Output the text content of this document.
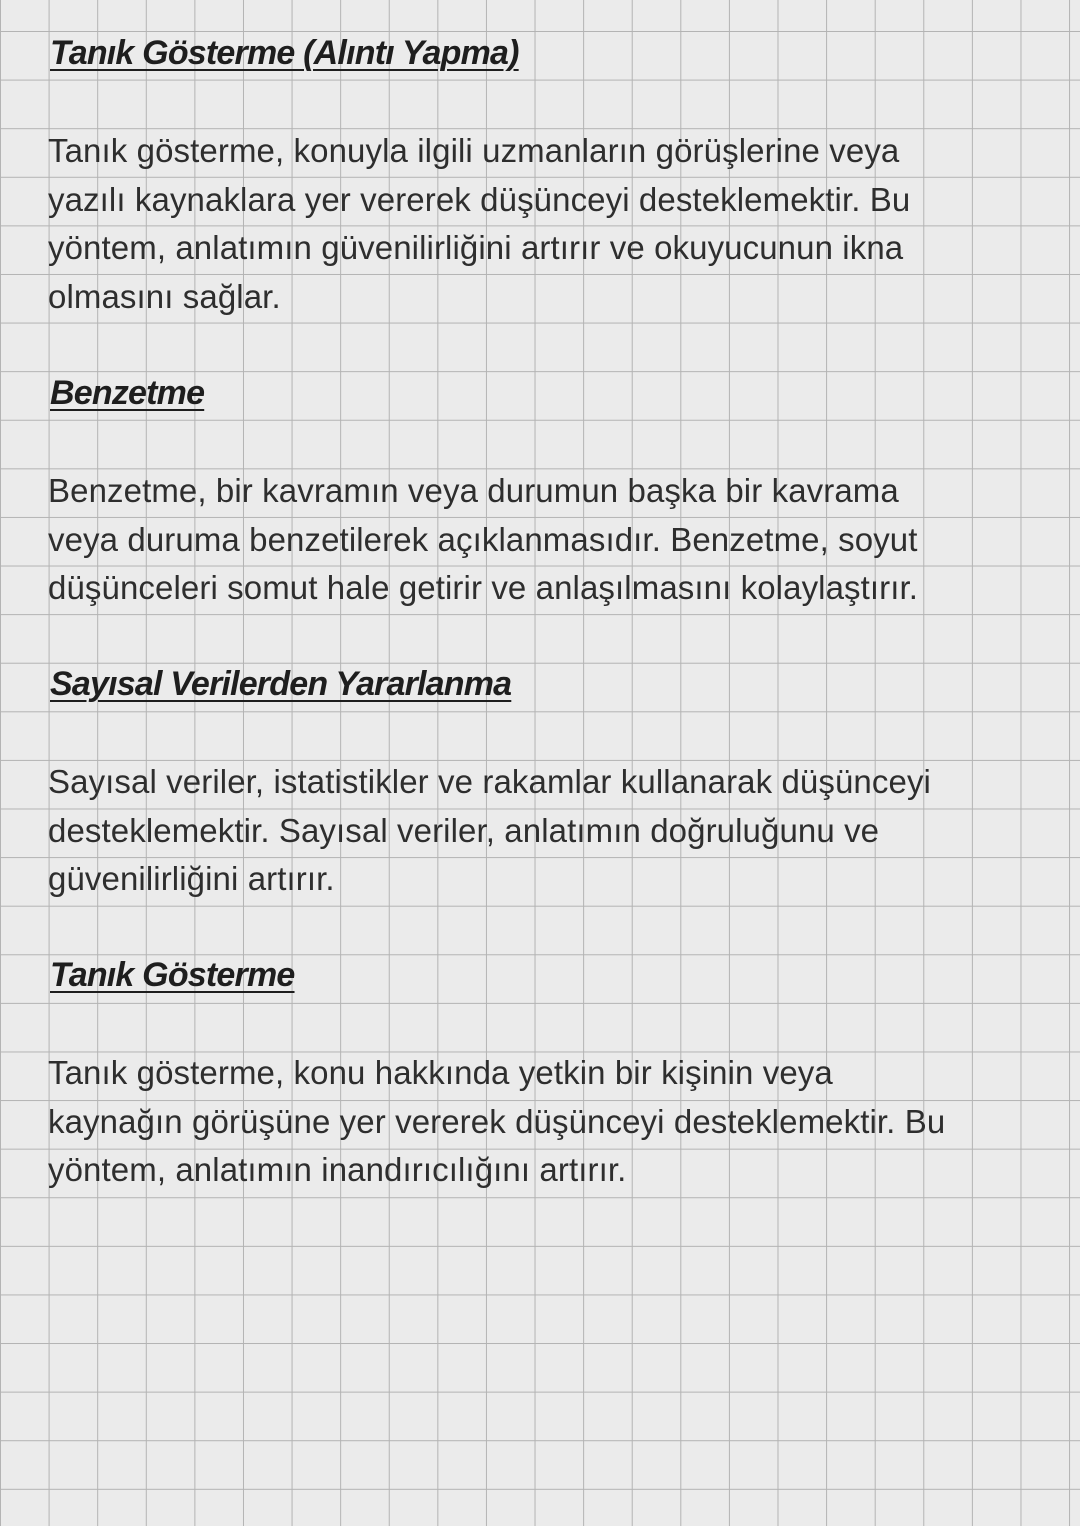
Tanık Gösterme (Alıntı Yapma)

Tanık gösterme, konuyla ilgili uzmanların görüşlerine veya
yazılı kaynaklara yer vererek düşünceyi desteklemektir. Bu
yöntem, anlatımın güvenilirliğini artırır ve okuyucunun ikna
olmasını sağlar.

Benzetme

Benzetme, bir kavramın veya durumun başka bir kavrama
veya duruma benzetilerek açıklanmasıdır. Benzetme, soyut
düşünceleri somut hale getirir ve anlaşılmasını kolaylaştırır.

Sayısal Verilerden Yararlanma

Sayısal veriler, istatistikler ve rakamlar kullanarak düşünceyi
desteklemektir. Sayısal veriler, anlatımın doğruluğunu ve
güvenilirliğini artırır.

Tanık Gösterme

Tanık gösterme, konu hakkında yetkin bir kişinin veya
kaynağın görüşüne yer vererek düşünceyi desteklemektir. Bu
yöntem, anlatımın inandırıcılığını artırır.
